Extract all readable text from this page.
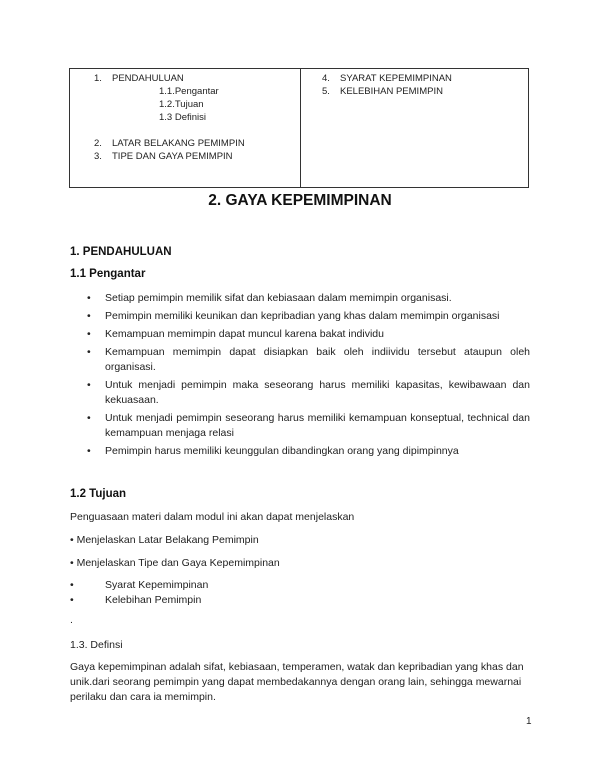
1.	PENDAHULUAN
1.1.Pengantar
1.2.Tujuan
1.3 Definisi
2.	LATAR BELAKANG PEMIMPIN
3.	TIPE DAN GAYA PEMIMPIN
4.	SYARAT KEPEMIMPINAN
5.	KELEBIHAN PEMIMPIN
2. GAYA KEPEMIMPINAN
1. PENDAHULUAN
1.1 Pengantar
• Setiap pemimpin memilik sifat dan kebiasaan dalam memimpin organisasi.
• Pemimpin memiliki keunikan dan kepribadian yang khas dalam memimpin organisasi
• Kemampuan memimpin dapat muncul karena bakat individu
• Kemampuan memimpin dapat disiapkan baik oleh indiividu tersebut ataupun oleh organisasi.
• Untuk menjadi pemimpin maka seseorang harus memiliki kapasitas, kewibawaan dan kekuasaan.
• Untuk menjadi pemimpin seseorang harus memiliki kemampuan konseptual, technical dan kemampuan menjaga relasi
• Pemimpin harus memiliki keunggulan dibandingkan orang yang dipimpinnya
1.2 Tujuan
Penguasaan materi dalam modul ini akan dapat menjelaskan
• Menjelaskan Latar Belakang Pemimpin
• Menjelaskan Tipe dan Gaya Kepemimpinan
• Syarat Kepemimpinan
• Kelebihan Pemimpin
.
1.3. Definsi
Gaya kepemimpinan adalah sifat, kebiasaan, temperamen, watak dan kepribadian yang khas dan unik.dari seorang pemimpin yang dapat membedakannya dengan orang lain, sehingga mewarnai perilaku dan cara ia memimpin.
1
